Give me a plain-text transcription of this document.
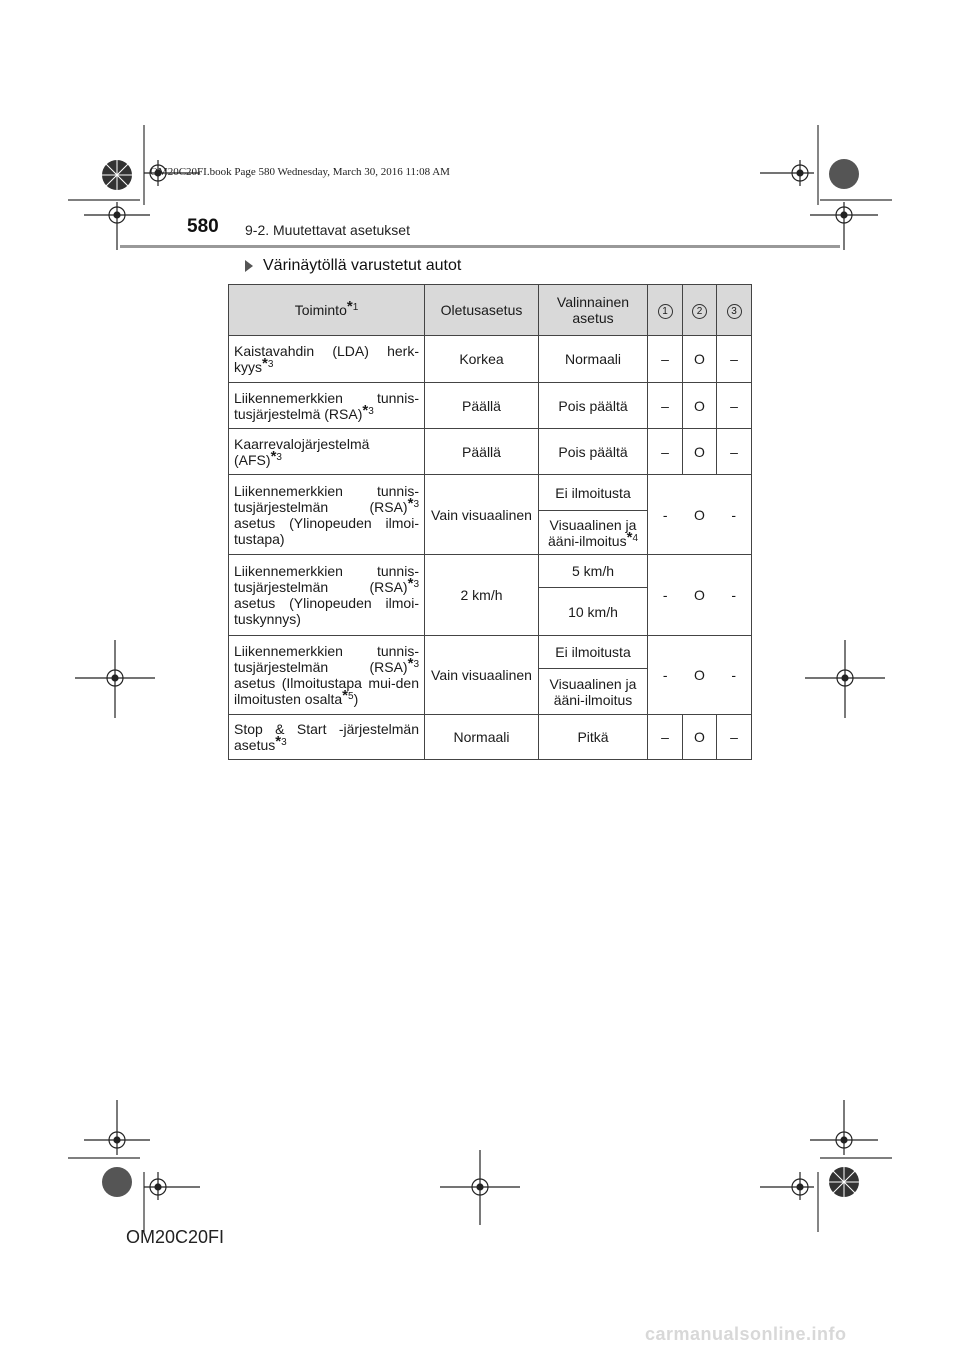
OM20C20FI.book Page 580 Wednesday, March 30, 2016 11:08 AM
580 9-2. Muutettavat asetukset
Värinäytöllä varustetut autot
Toiminto*$^1$	Oletusasetus	Valinnainen asetus	1	2	3
Kaistavahdin (LDA) herk-kyys*$^3$	Korkea	Normaali	–	O	–
Liikennemerkkien tunnis-tusjärjestelmä (RSA)*$^3$	Päällä	Pois päältä	–	O	–
Kaarrevalojärjestelmä (AFS)*$^3$	Päällä	Pois päältä	–	O	–
Liikennemerkkien tunnis-tusjärjestelmän (RSA)*$^3$ asetus (Ylinopeuden ilmoi-tustapa)	Vain visuaalinen	Ei ilmoitusta	-	O	-
		Visuaalinen ja ääni-ilmoitus*$^4$
Liikennemerkkien tunnis-tusjärjestelmän (RSA)*$^3$ asetus (Ylinopeuden ilmoi-tuskynnys)	2 km/h	5 km/h	-	O	-
		10 km/h			
Liikennemerkkien tunnis-tusjärjestelmän (RSA)*$^3$ asetus (Ilmoitustapa mui-den ilmoitusten osalta*$^5$)	Vain visuaalinen	Ei ilmoitusta	-	O	-
		Visuaalinen ja ääni-ilmoitus			
Stop & Start -järjestelmän asetus*$^3$	Normaali	Pitkä	–	O	–
OM20C20FI
carmanualsonline.info
